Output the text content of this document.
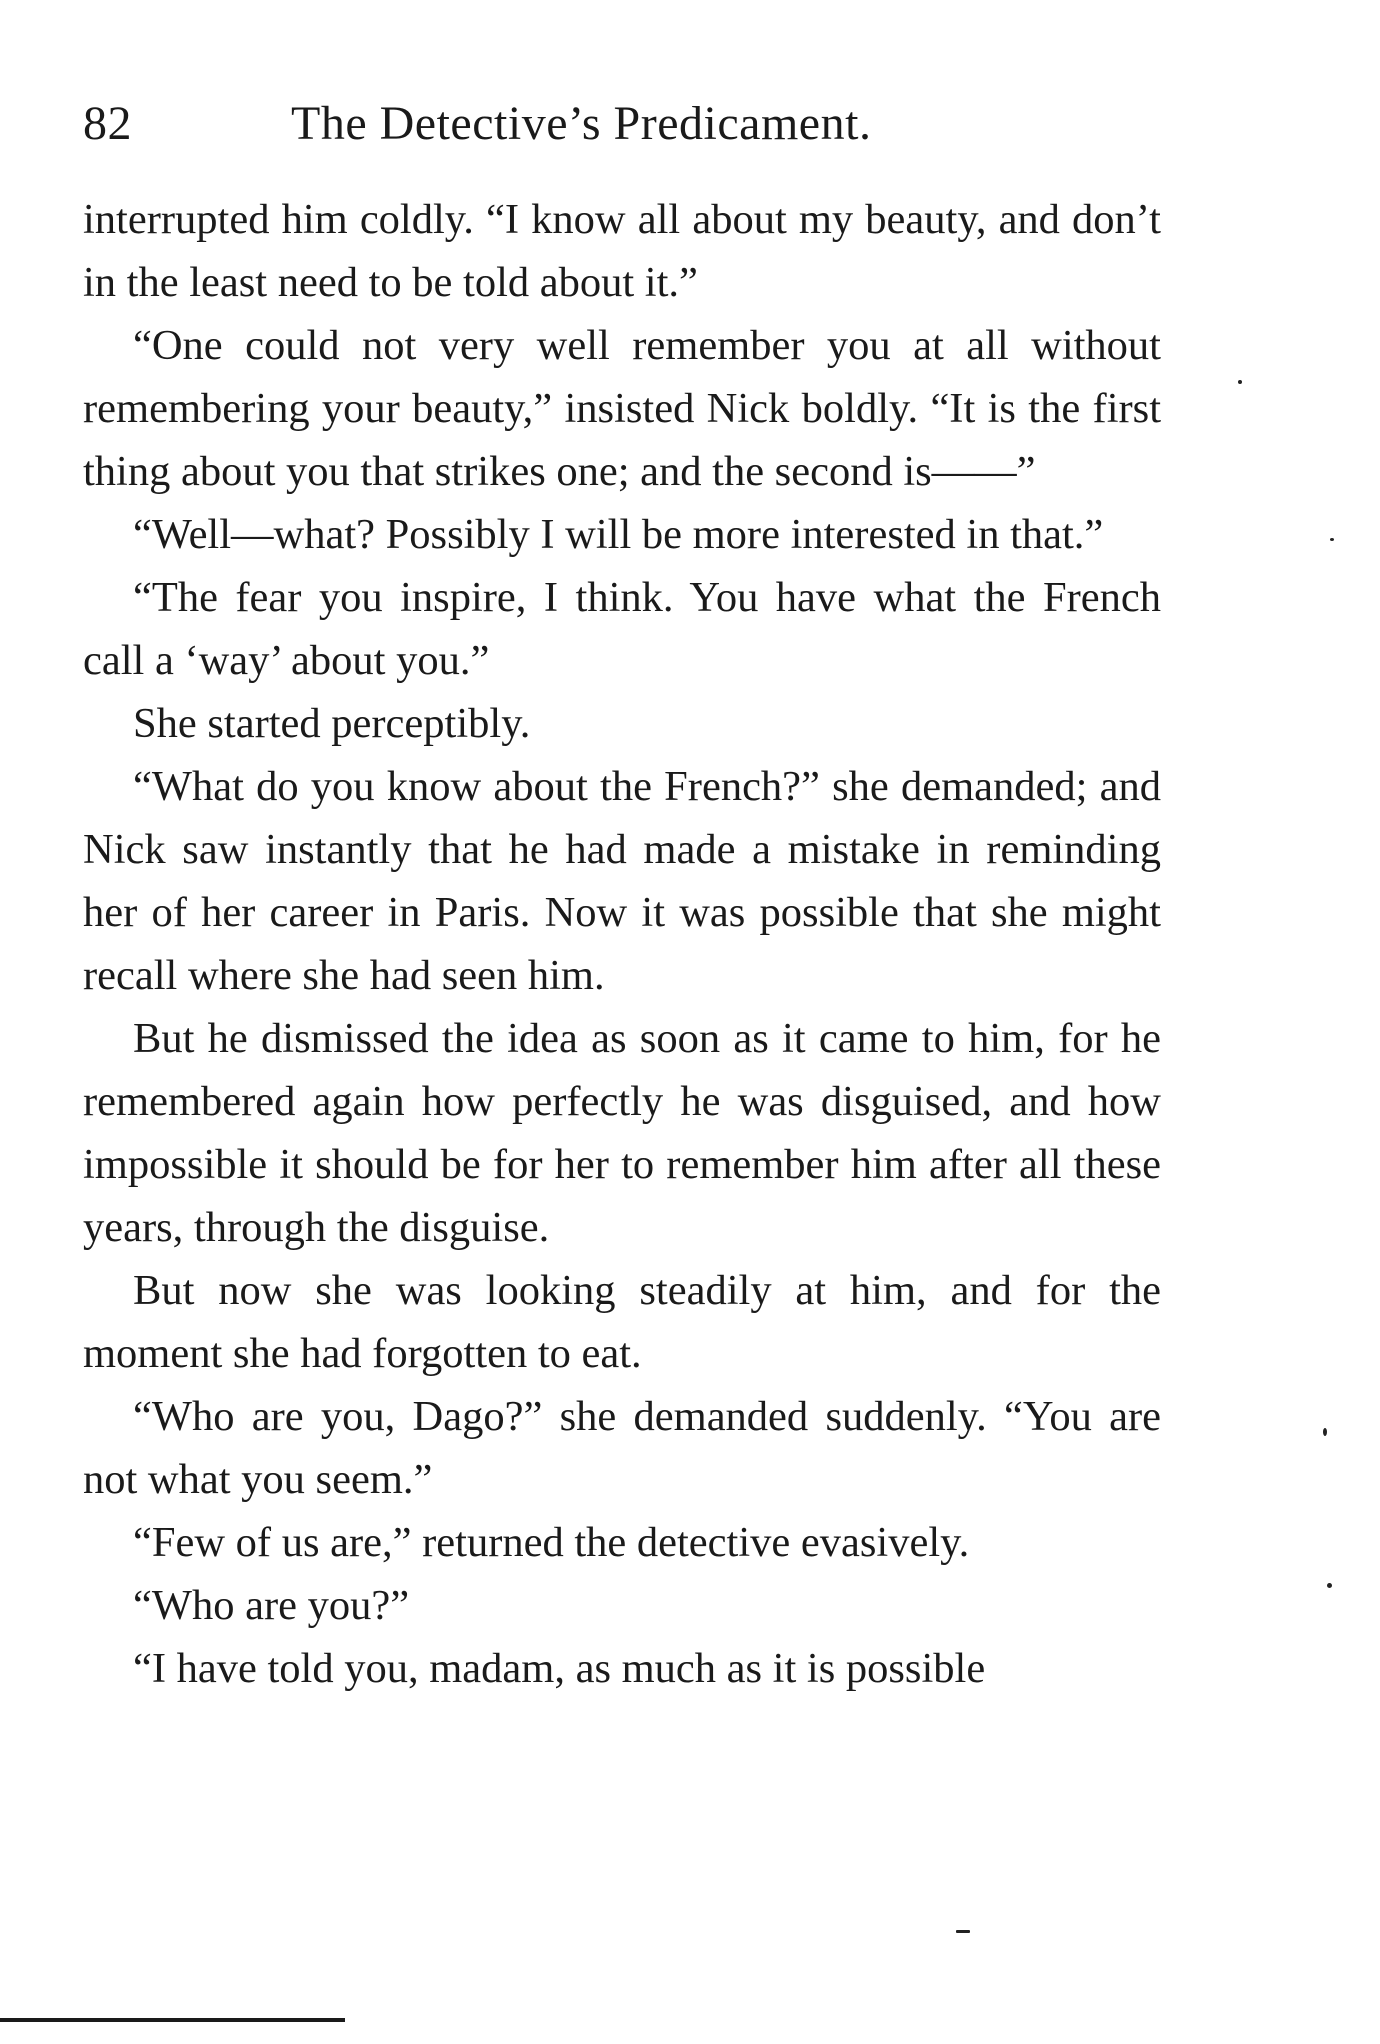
82	The Detective’s Predicament.

interrupted him coldly. “I know all about my beauty, and don’t in the least need to be told about it.”

“One could not very well remember you at all without remembering your beauty,” insisted Nick boldly. “It is the first thing about you that strikes one; and the second is——”

“Well—what? Possibly I will be more interested in that.”

“The fear you inspire, I think. You have what the French call a ‘way’ about you.”

She started perceptibly.

“What do you know about the French?” she demanded; and Nick saw instantly that he had made a mistake in reminding her of her career in Paris. Now it was possible that she might recall where she had seen him.

But he dismissed the idea as soon as it came to him, for he remembered again how perfectly he was disguised, and how impossible it should be for her to remember him after all these years, through the disguise.

But now she was looking steadily at him, and for the moment she had forgotten to eat.

“Who are you, Dago?” she demanded suddenly. “You are not what you seem.”

“Few of us are,” returned the detective evasively.

“Who are you?”

“I have told you, madam, as much as it is possible
